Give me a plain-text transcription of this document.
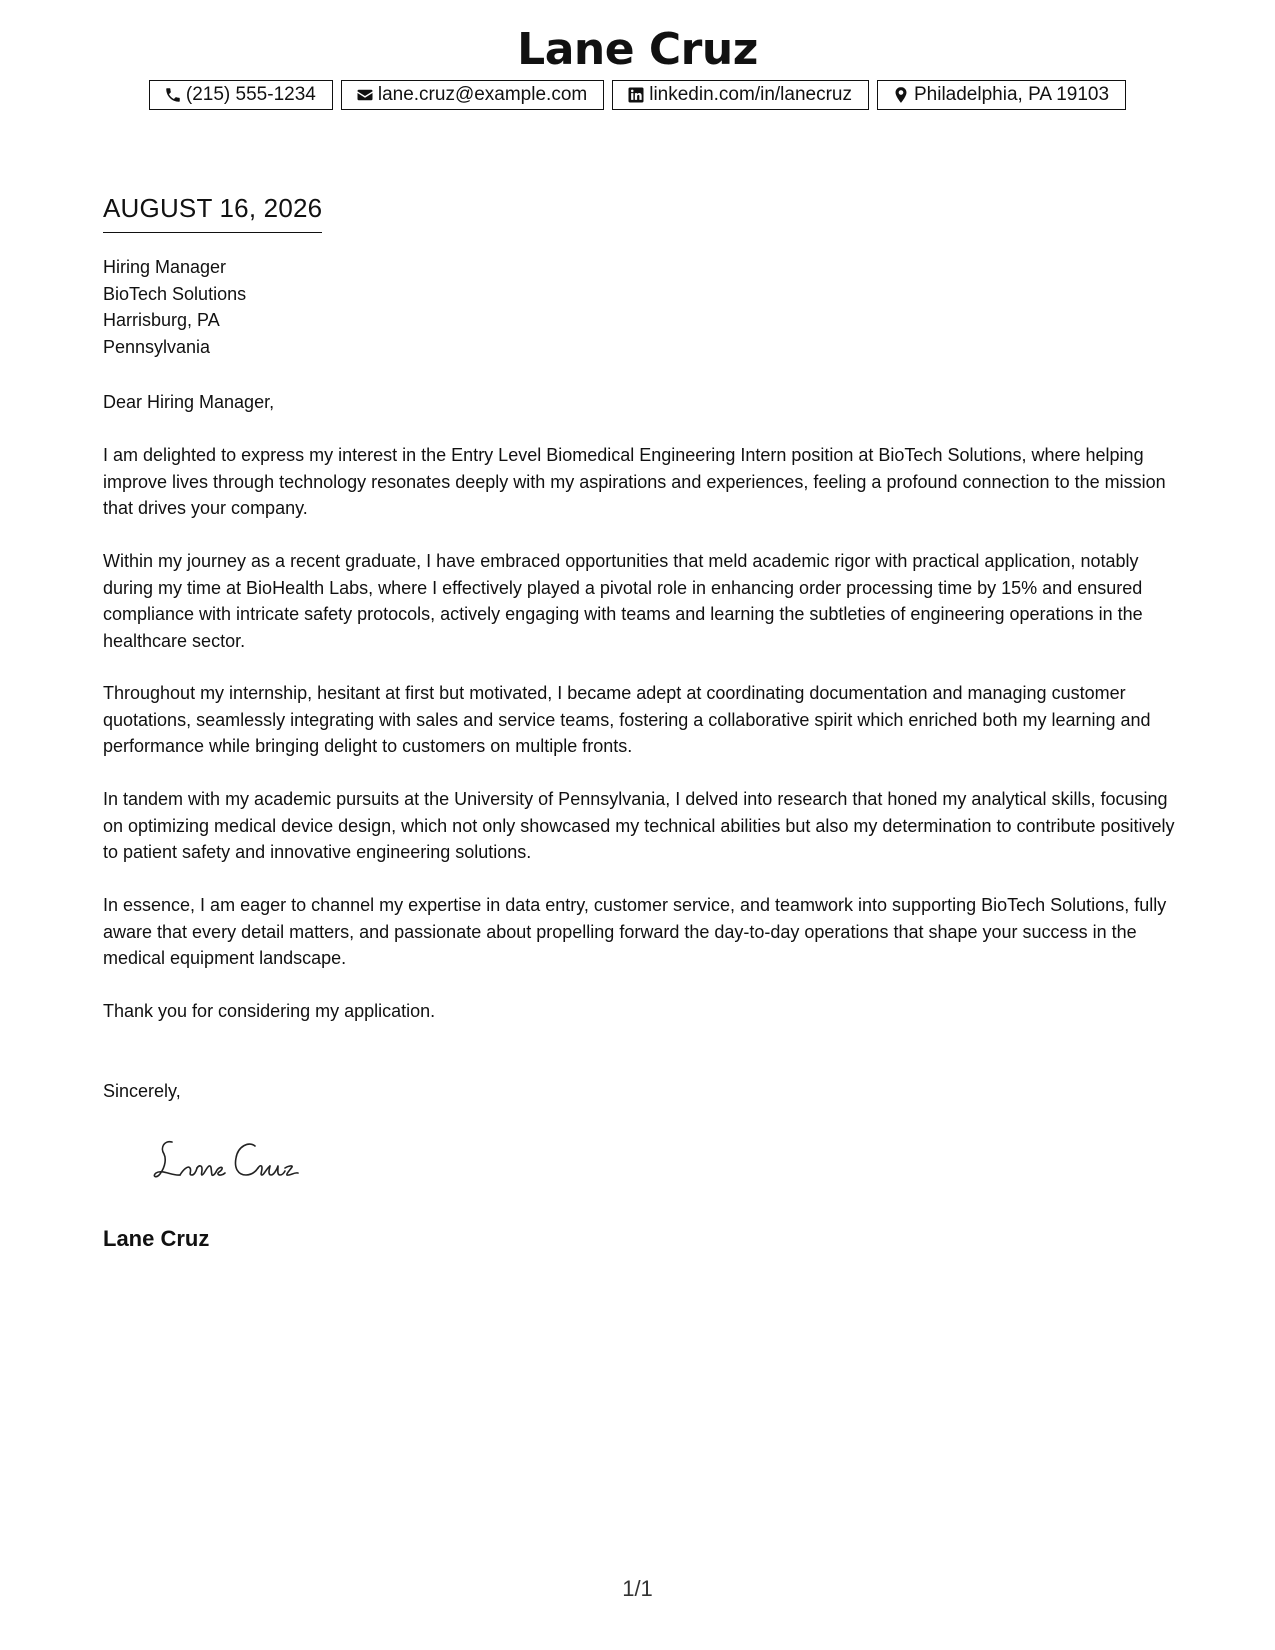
Lane Cruz
(215) 555-1234	lane.cruz@example.com	linkedin.com/in/lanecruz	Philadelphia, PA 19103
AUGUST 16, 2026
Hiring Manager
BioTech Solutions
Harrisburg, PA
Pennsylvania
Dear Hiring Manager,
I am delighted to express my interest in the Entry Level Biomedical Engineering Intern position at BioTech Solutions, where helping improve lives through technology resonates deeply with my aspirations and experiences, feeling a profound connection to the mission that drives your company.
Within my journey as a recent graduate, I have embraced opportunities that meld academic rigor with practical application, notably during my time at BioHealth Labs, where I effectively played a pivotal role in enhancing order processing time by 15% and ensured compliance with intricate safety protocols, actively engaging with teams and learning the subtleties of engineering operations in the healthcare sector.
Throughout my internship, hesitant at first but motivated, I became adept at coordinating documentation and managing customer quotations, seamlessly integrating with sales and service teams, fostering a collaborative spirit which enriched both my learning and performance while bringing delight to customers on multiple fronts.
In tandem with my academic pursuits at the University of Pennsylvania, I delved into research that honed my analytical skills, focusing on optimizing medical device design, which not only showcased my technical abilities but also my determination to contribute positively to patient safety and innovative engineering solutions.
In essence, I am eager to channel my expertise in data entry, customer service, and teamwork into supporting BioTech Solutions, fully aware that every detail matters, and passionate about propelling forward the day-to-day operations that shape your success in the medical equipment landscape.
Thank you for considering my application.
Sincerely,
Lane Cruz
1/1
